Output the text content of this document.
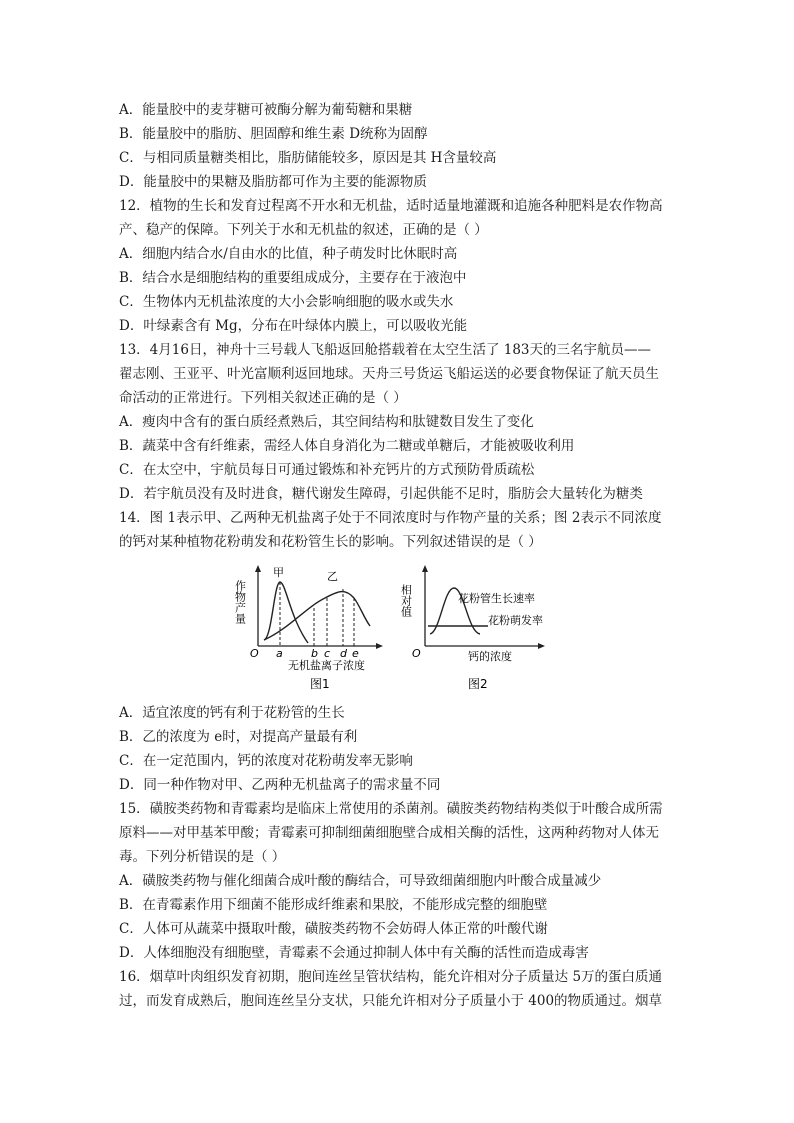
A．能量胶中的麦芽糖可被酶分解为葡萄糖和果糖
B．能量胶中的脂肪、胆固醇和维生素 D统称为固醇
C．与相同质量糖类相比，脂肪储能较多，原因是其 H含量较高
D．能量胶中的果糖及脂肪都可作为主要的能源物质
12．植物的生长和发育过程离不开水和无机盐，适时适量地灌溉和追施各种肥料是农作物高
产、稳产的保障。下列关于水和无机盐的叙述，正确的是（ ）
A．细胞内结合水/自由水的比值，种子萌发时比休眠时高
B．结合水是细胞结构的重要组成成分，主要存在于液泡中
C．生物体内无机盐浓度的大小会影响细胞的吸水或失水
D．叶绿素含有 Mg，分布在叶绿体内膜上，可以吸收光能
13．4月16日，神舟十三号载人飞船返回舱搭载着在太空生活了 183天的三名宇航员——
翟志刚、王亚平、叶光富顺利返回地球。天舟三号货运飞船运送的必要食物保证了航天员生
命活动的正常进行。下列相关叙述正确的是（ ）
A．瘦肉中含有的蛋白质经煮熟后，其空间结构和肽键数目发生了变化
B．蔬菜中含有纤维素，需经人体自身消化为二糖或单糖后，才能被吸收利用
C．在太空中，宇航员每日可通过锻炼和补充钙片的方式预防骨质疏松
D．若宇航员没有及时进食，糖代谢发生障碍，引起供能不足时，脂肪会大量转化为糖类
14．图 1表示甲、乙两种无机盐离子处于不同浓度时与作物产量的关系；图 2表示不同浓度
的钙对某种植物花粉萌发和花粉管生长的影响。下列叙述错误的是（ ）
作物产量
O
甲	乙
a	b c d e
无机盐离子浓度
图1
相对值
O
花粉管生长速率
花粉萌发率
钙的浓度
图2
A．适宜浓度的钙有利于花粉管的生长
B．乙的浓度为 e时，对提高产量最有利
C．在一定范围内，钙的浓度对花粉萌发率无影响
D．同一种作物对甲、乙两种无机盐离子的需求量不同
15．磺胺类药物和青霉素均是临床上常使用的杀菌剂。磺胺类药物结构类似于叶酸合成所需
原料——对甲基苯甲酸；青霉素可抑制细菌细胞壁合成相关酶的活性，这两种药物对人体无
毒。下列分析错误的是（ ）
A．磺胺类药物与催化细菌合成叶酸的酶结合，可导致细菌细胞内叶酸合成量减少
B．在青霉素作用下细菌不能形成纤维素和果胶，不能形成完整的细胞壁
C．人体可从蔬菜中摄取叶酸，磺胺类药物不会妨碍人体正常的叶酸代谢
D．人体细胞没有细胞壁，青霉素不会通过抑制人体中有关酶的活性而造成毒害
16．烟草叶肉组织发育初期，胞间连丝呈管状结构，能允许相对分子质量达 5万的蛋白质通
过，而发育成熟后，胞间连丝呈分支状，只能允许相对分子质量小于 400的物质通过。烟草
